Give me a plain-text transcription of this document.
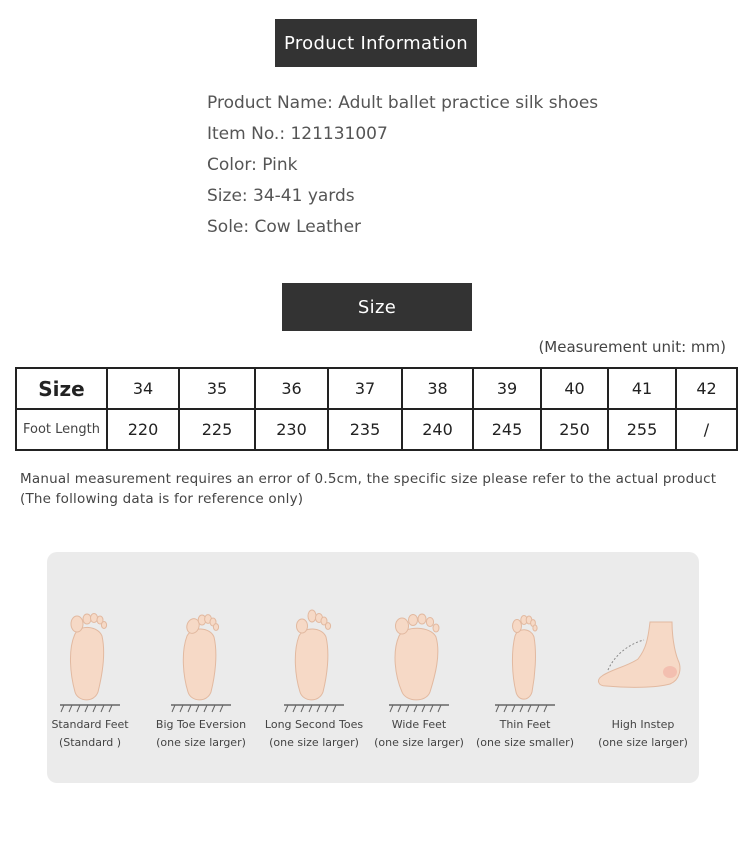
Product Information
Product Name: Adult ballet practice silk shoes
Item No.: 121131007
Color: Pink
Size: 34-41 yards
Sole: Cow Leather
Size
(Measurement unit: mm)
Size	34	35	36	37	38	39	40	41	42
Foot Length	220	225	230	235	240	245	250	255	/
Manual measurement requires an error of 0.5cm, the specific size please refer to the actual product (The following data is for reference only)
Standard Feet
(Standard )
Big Toe Eversion
(one size larger)
Long Second Toes
(one size larger)
Wide Feet
(one size larger)
Thin Feet
(one size smaller)
High Instep
(one size larger)
